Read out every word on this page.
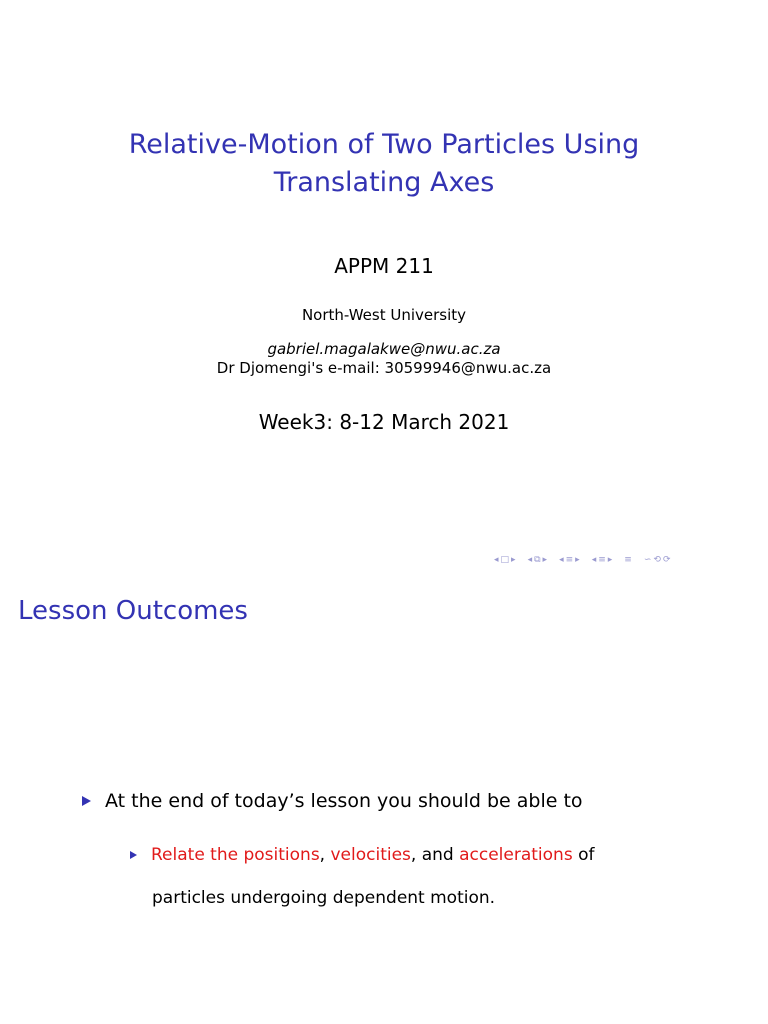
Relative-Motion of Two Particles Using
Translating Axes
APPM 211
North-West University
gabriel.magalakwe@nwu.ac.za
Dr Djomengi's e-mail: 30599946@nwu.ac.za
Week3: 8-12 March 2021
◂ □ ▸ ◂ ⧉ ▸ ◂ ≡ ▸ ◂ ≡ ▸ ≡ ∽ ⟲ ⟳
Lesson Outcomes
At the end of today’s lesson you should be able to
Relate the positions, velocities, and accelerations of
particles undergoing dependent motion.
